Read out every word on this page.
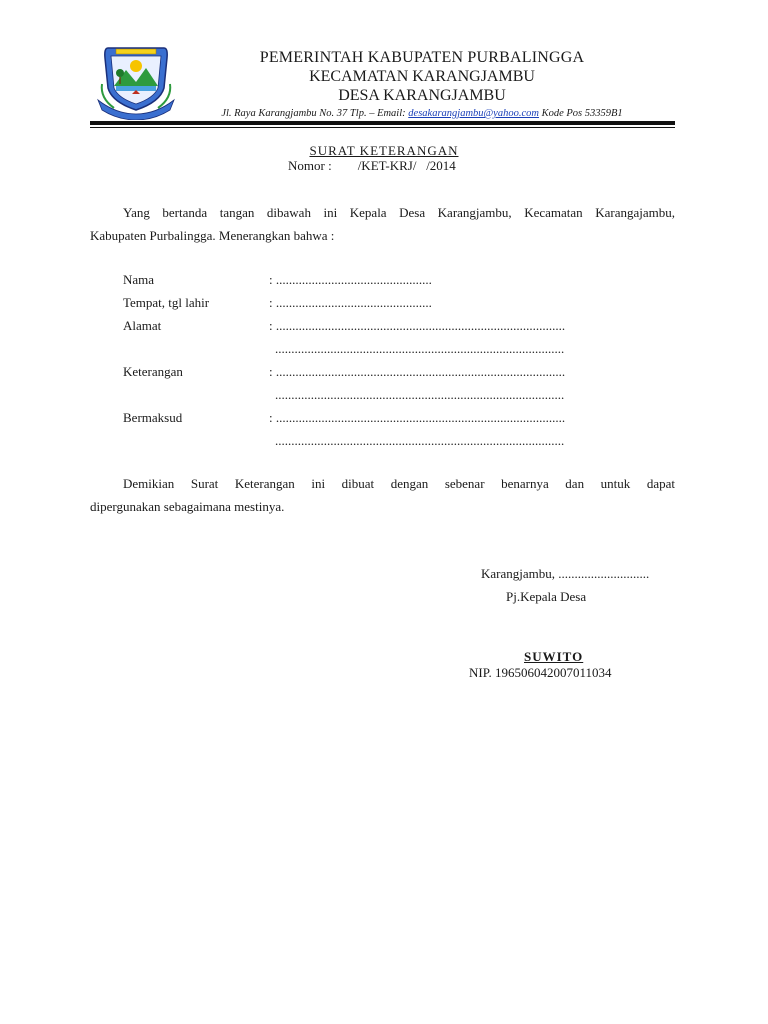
PEMERINTAH KABUPATEN PURBALINGGA
KECAMATAN KARANGJAMBU
DESA KARANGJAMBU
Jl. Raya Karangjambu No. 37 Tlp. – Email: desakarangjambu@yahoo.com Kode Pos 53359B1
SURAT KETERANGAN
Nomor :        /KET-KRJ/   /2014
Yang bertanda tangan dibawah ini Kepala Desa Karangjambu, Kecamatan Karangajambu,
Kabupaten Purbalingga. Menerangkan bahwa :
Nama	: ................................................
Tempat, tgl lahir	: ................................................
Alamat	: .........................................................................................
.........................................................................................
Keterangan	: .........................................................................................
.........................................................................................
Bermaksud	: .........................................................................................
.........................................................................................
Demikian Surat Keterangan ini dibuat dengan sebenar benarnya dan untuk dapat
dipergunakan sebagaimana mestinya.
Karangjambu, ............................
Pj.Kepala Desa
SUWITO
NIP. 196506042007011034
